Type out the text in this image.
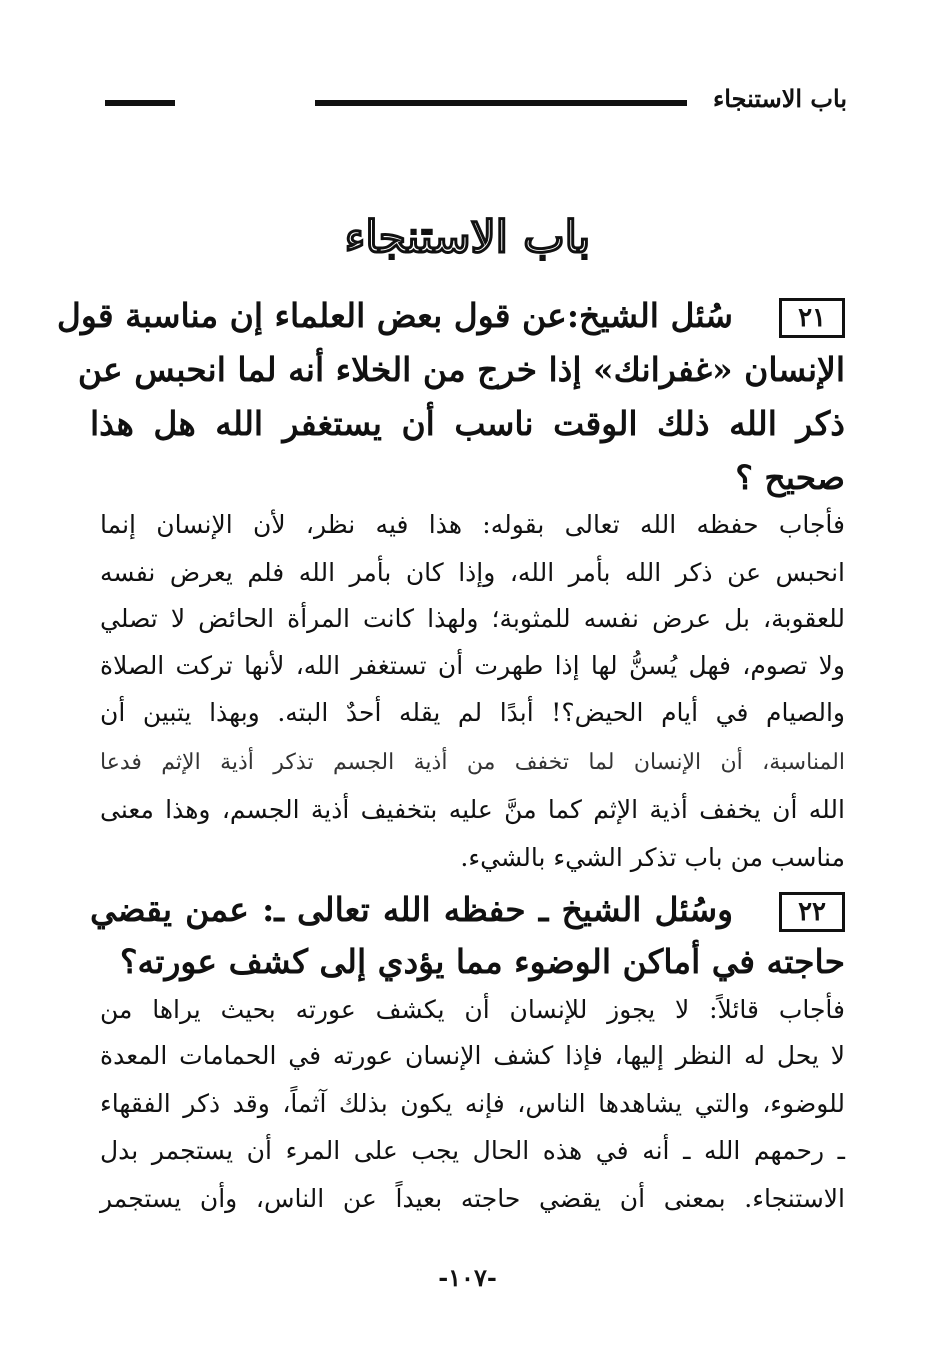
باب الاستنجاء
باب الاستنجاء
٢١سُئل الشيخ:عن قول بعض العلماء إن مناسبة قول
الإنسان «غفرانك» إذا خرج من الخلاء أنه لما انحبس عن
ذكر الله ذلك الوقت ناسب أن يستغفر الله هل هذا
صحيح ؟
فأجاب حفظه الله تعالى بقوله: هذا فيه نظر، لأن الإنسان إنما
انحبس عن ذكر الله بأمر الله، وإذا كان بأمر الله فلم يعرض نفسه
للعقوبة، بل عرض نفسه للمثوبة؛ ولهذا كانت المرأة الحائض لا تصلي
ولا تصوم، فهل يُسنُّ لها إذا طهرت أن تستغفر الله، لأنها تركت الصلاة
والصيام في أيام الحيض؟! أبدًا لم يقله أحدٌ البته. وبهذا يتبين أن
المناسبة، أن الإنسان لما تخفف من أذية الجسم تذكر أذية الإثم فدعا
الله أن يخفف أذية الإثم كما منَّ عليه بتخفيف أذية الجسم، وهذا معنى
مناسب من باب تذكر الشيء بالشيء.
٢٢وسُئل الشيخ ـ حفظه الله تعالى ـ: عمن يقضي
حاجته في أماكن الوضوء مما يؤدي إلى كشف عورته؟
فأجاب قائلاً: لا يجوز للإنسان أن يكشف عورته بحيث يراها من
لا يحل له النظر إليها، فإذا كشف الإنسان عورته في الحمامات المعدة
للوضوء، والتي يشاهدها الناس، فإنه يكون بذلك آثماً، وقد ذكر الفقهاء
ـ رحمهم الله ـ أنه في هذه الحال يجب على المرء أن يستجمر بدل
الاستنجاء. بمعنى أن يقضي حاجته بعيداً عن الناس، وأن يستجمر
-١٠٧-
